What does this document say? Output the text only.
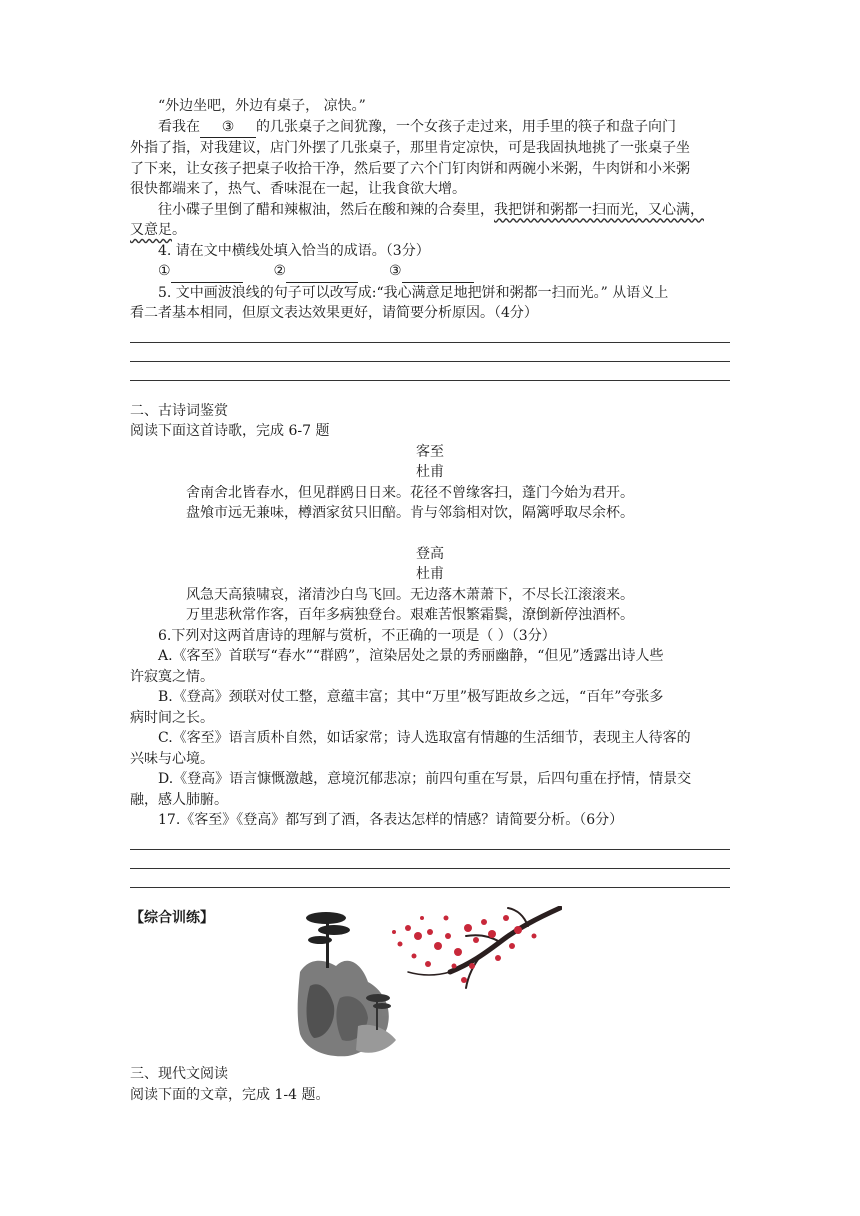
“外边坐吧，外边有桌子， 凉快。”
看我在 ③ 的几张桌子之间犹豫，一个女孩子走过来，用手里的筷子和盘子向门
外指了指，对我建议，店门外摆了几张桌子，那里肯定凉快，可是我固执地挑了一张桌子坐
了下来，让女孩子把桌子收拾干净，然后要了六个门钉肉饼和两碗小米粥，牛肉饼和小米粥
很快都端来了，热气、香味混在一起，让我食欲大增。
往小碟子里倒了醋和辣椒油，然后在酸和辣的合奏里，我把饼和粥都一扫而光，又心满，
又意足。
4. 请在文中横线处填入恰当的成语。（3分）
①	②	③
5. 文中画波浪线的句子可以改写成:“我心满意足地把饼和粥都一扫而光。” 从语义上
看二者基本相同，但原文表达效果更好，请简要分析原因。（4分）
二、古诗词鉴赏
阅读下面这首诗歌，完成 6-7 题
客至
杜甫
舍南舍北皆春水，但见群鸥日日来。花径不曾缘客扫，蓬门今始为君开。
盘飧市远无兼味，樽酒家贫只旧醅。肯与邻翁相对饮，隔篱呼取尽余杯。
登高
杜甫
风急天高猿啸哀，渚清沙白鸟飞回。无边落木萧萧下，不尽长江滚滚来。
万里悲秋常作客，百年多病独登台。艰难苦恨繁霜鬓，潦倒新停浊酒杯。
6.下列对这两首唐诗的理解与赏析，不正确的一项是（ ）（3分）
A.《客至》首联写“春水”“群鸥”，渲染居处之景的秀丽幽静，“但见”透露出诗人些
许寂寞之情。
B.《登高》颈联对仗工整，意蕴丰富；其中“万里”极写距故乡之远，“百年”夸张多
病时间之长。
C.《客至》语言质朴自然，如话家常；诗人选取富有情趣的生活细节，表现主人待客的
兴味与心境。
D.《登高》语言慷慨激越，意境沉郁悲凉；前四句重在写景，后四句重在抒情，情景交
融，感人肺腑。
17.《客至》《登高》都写到了酒，各表达怎样的情感？请简要分析。（6分）
【综合训练】
三、现代文阅读
阅读下面的文章，完成 1-4 题。
